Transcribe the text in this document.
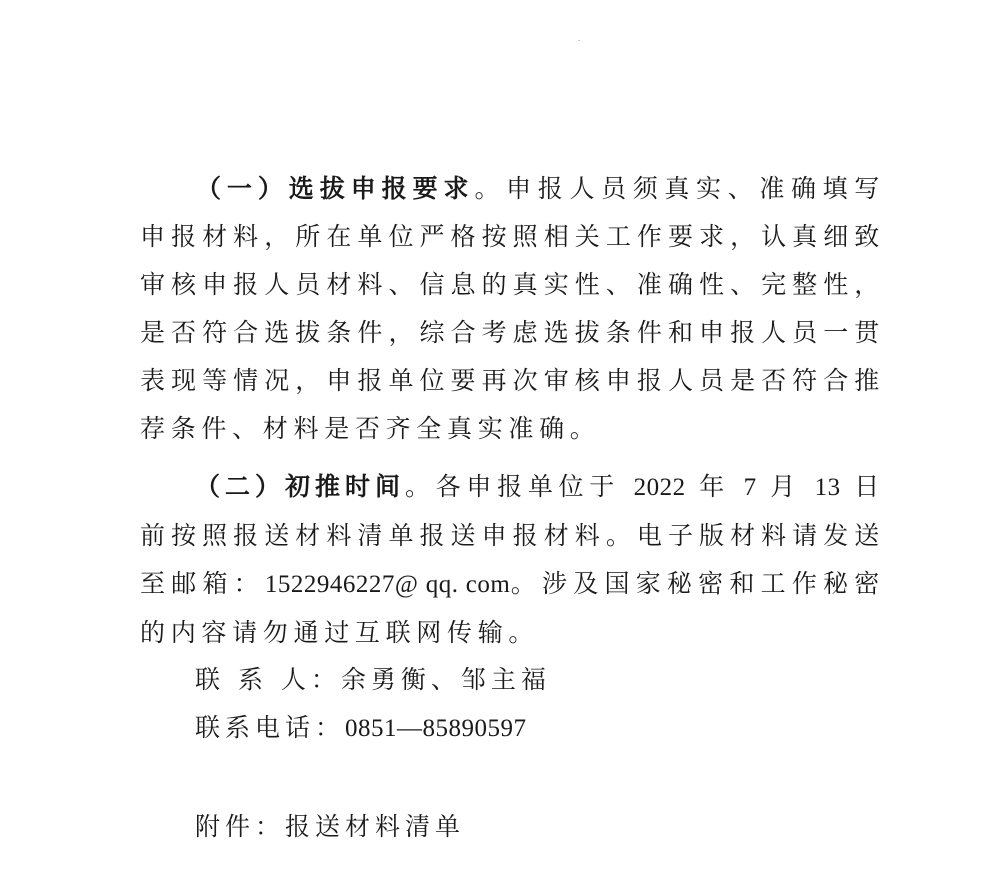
（一）选拔申报要求。申报人员须真实、准确填写申报材料，所在单位严格按照相关工作要求，认真细致审核申报人员材料、信息的真实性、准确性、完整性，是否符合选拔条件，综合考虑选拔条件和申报人员一贯表现等情况，申报单位要再次审核申报人员是否符合推荐条件、材料是否齐全真实准确。

（二）初推时间。各申报单位于 2022 年 7 月 13 日前按照报送材料清单报送申报材料。电子版材料请发送至邮箱：1522946227@ qq. com。涉及国家秘密和工作秘密的内容请勿通过互联网传输。

联 系 人：余勇衡、邹主福

联系电话：0851—85890597

附件：报送材料清单
